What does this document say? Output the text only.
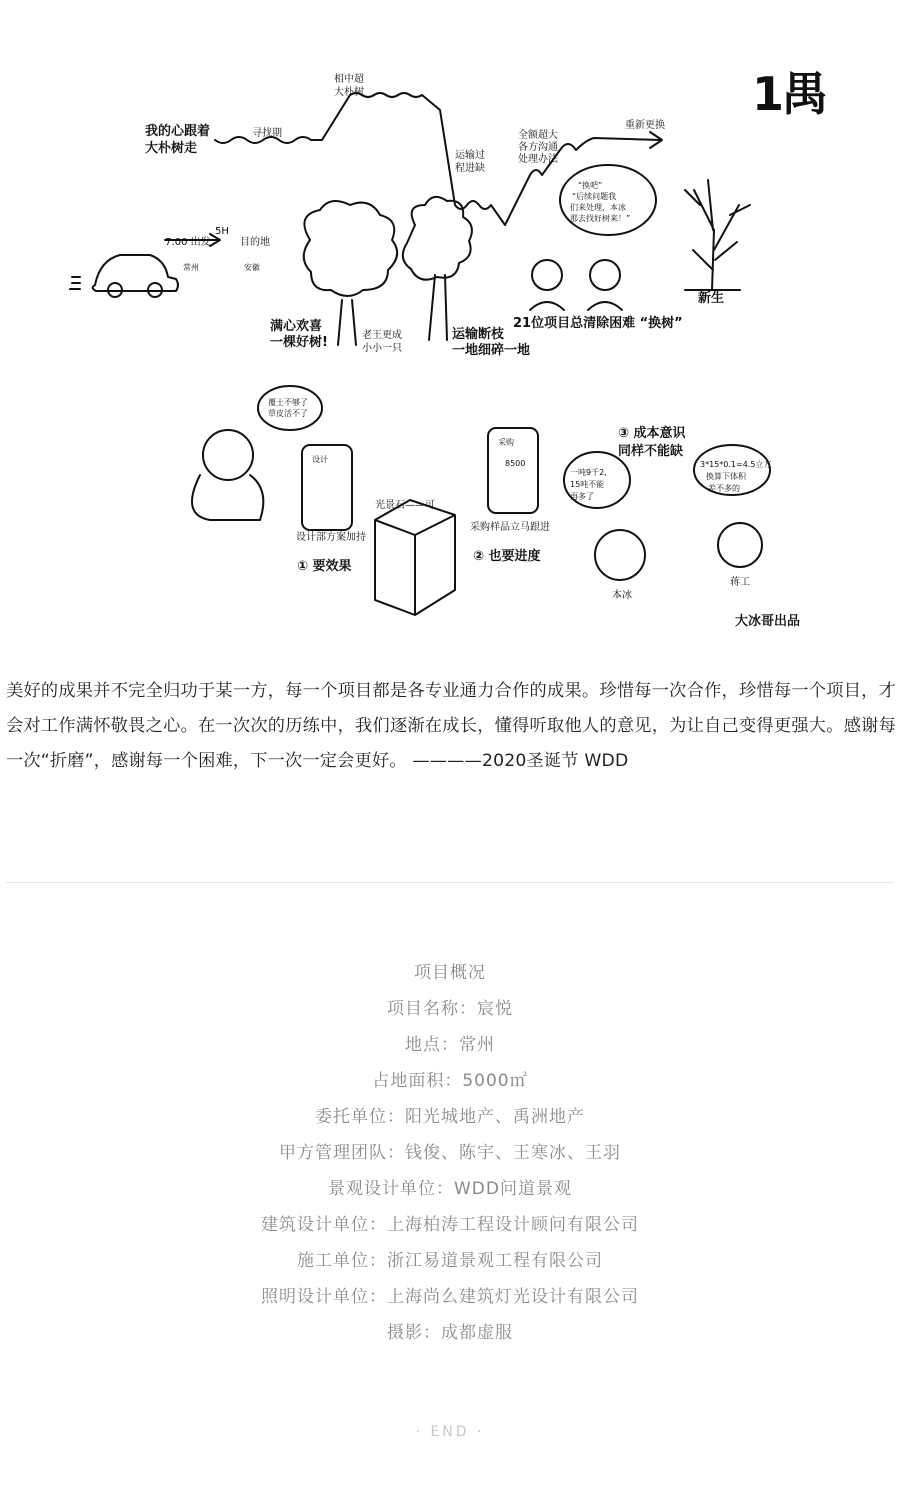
我的心跟着
大朴树走
寻找期
相中超
大朴树
运输过
程进缺
全额超大
各方沟通
处理办法
重新更换
“换吧”
“后续问题我
们来处理，本冰
那去找好树来！”
7:00 出发
5H
目的地
常州	安徽
满心欢喜
一棵好树!	老王更成
小小一只
运输断枝
一地细碎一地
21位项目总清除困难 “换树”
新生
覆土不够了
草皮活不了
设计
采购
8500
设计部方案加持
光景石——可
采购样品立马跟进
① 要效果
② 也要进度
③ 成本意识
同样不能缺
一吨9千2,
15吨不能
再多了
3*15*0.1=4.5立方
换算下体积
差不多的
本冰
蒋工
大冰哥出品
1禺
美好的成果并不完全归功于某一方，每一个项目都是各专业通力合作的成果。珍惜每一次合作，珍惜每一个项目，才会对工作满怀敬畏之心。在一次次的历练中，我们逐渐在成长，懂得听取他人的意见，为让自己变得更强大。感谢每一次“折磨”，感谢每一个困难，下一次一定会更好。 ————2020圣诞节 WDD
项目概况
项目名称：宸悦
地点：常州
占地面积：5000㎡
委托单位：阳光城地产、禹洲地产
甲方管理团队：钱俊、陈宇、王寒冰、王羽
景观设计单位：WDD问道景观
建筑设计单位：上海柏涛工程设计顾问有限公司
施工单位：浙江易道景观工程有限公司
照明设计单位：上海尚么建筑灯光设计有限公司
摄影：成都虚服
· END ·
